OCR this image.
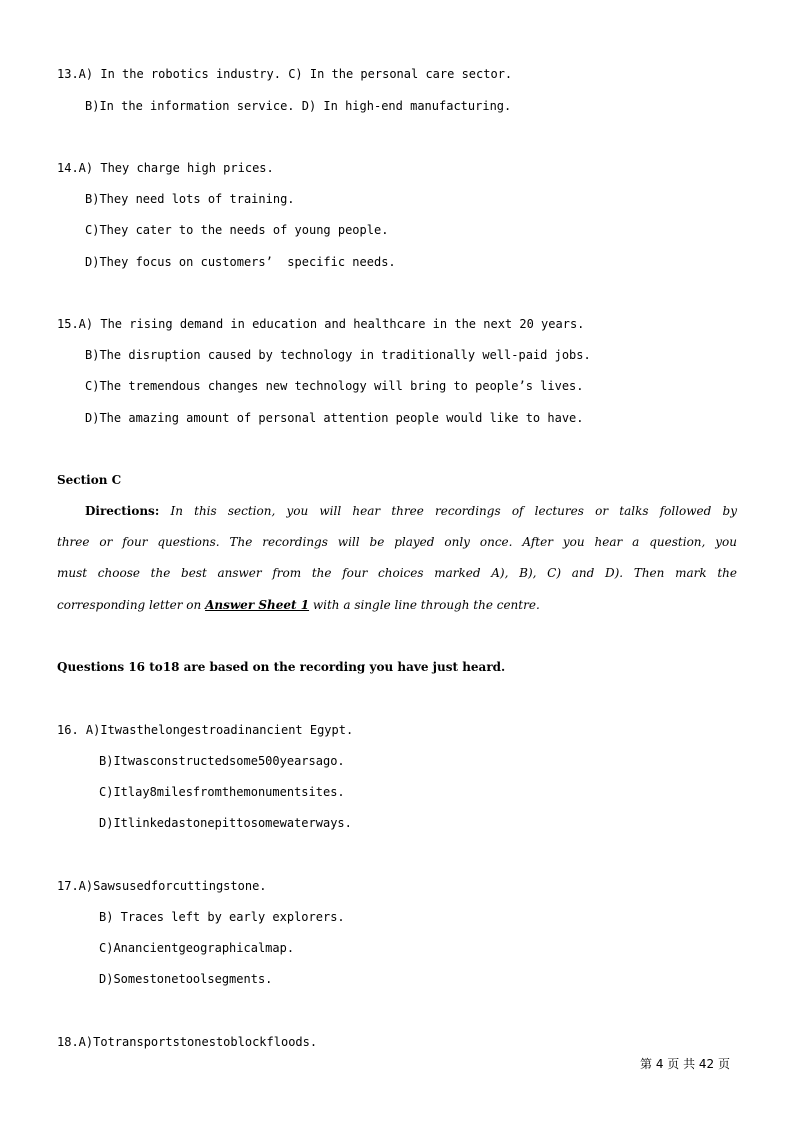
13.A) In the robotics industry. C) In the personal care sector.
B)In the information service. D) In high-end manufacturing.
14.A) They charge high prices.
B)They need lots of training.
C)They cater to the needs of young people.
D)They focus on customers’  specific needs.
15.A) The rising demand in education and healthcare in the next 20 years.
B)The disruption caused by technology in traditionally well-paid jobs.
C)The tremendous changes new technology will bring to people’s lives.
D)The amazing amount of personal attention people would like to have.
Section C
Directions: In this section, you will hear three recordings of lectures or talks followed by
three or four questions. The recordings will be played only once. After you hear a question, you
must choose the best answer from the four choices marked A), B), C) and D). Then mark the
corresponding letter on Answer Sheet 1 with a single line through the centre.
Questions 16 to18 are based on the recording you have just heard.
16. A)Itwasthelongestroadinancient Egypt.
B)Itwasconstructedsome500yearsago.
C)Itlay8milesfromthemonumentsites.
D)Itlinkedastonepittosomewaterways.
17.A)Sawsusedforcuttingstone.
B) Traces left by early explorers.
C)Anancientgeographicalmap.
D)Somestonetoolsegments.
18.A)Totransportstonestoblockfloods.
第 4 页 共 42 页
